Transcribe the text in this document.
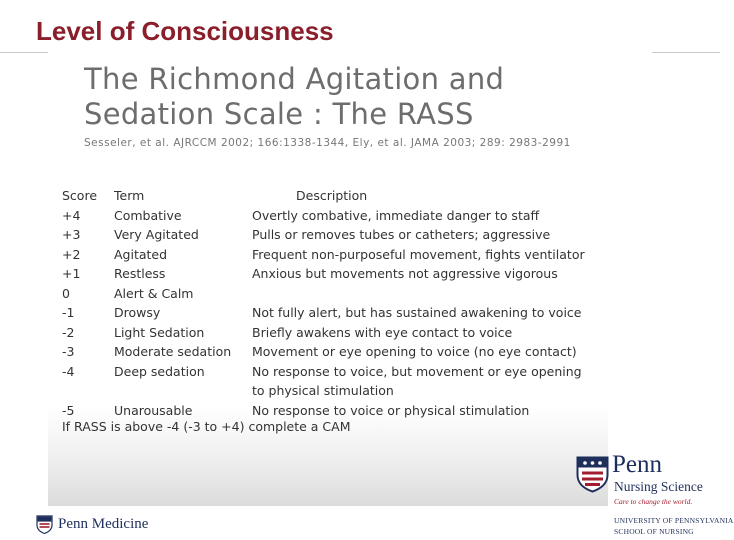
Level of Consciousness
The Richmond Agitation and
Sedation Scale : The RASS
Sesseler, et al. AJRCCM 2002; 166:1338-1344, Ely, et al. JAMA 2003; 289: 2983-2991
Score	Term	Description
+4	Combative	Overtly combative, immediate danger to staff
+3	Very Agitated	Pulls or removes tubes or catheters; aggressive
+2	Agitated	Frequent non-purposeful movement, fights ventilator
+1	Restless	Anxious but movements not aggressive vigorous
0	Alert & Calm	
-1	Drowsy	Not fully alert, but has sustained awakening to voice
-2	Light Sedation	Briefly awakens with eye contact to voice
-3	Moderate sedation	Movement or eye opening to voice (no eye contact)
-4	Deep sedation	No response to voice, but movement or eye opening
		to physical stimulation
-5	Unarousable	No response to voice or physical stimulation
If RASS is above -4 (-3 to +4) complete a CAM
Penn Medicine
Penn
Nursing Science
Care to change the world.
UNIVERSITY OF PENNSYLVANIA
SCHOOL OF NURSING
